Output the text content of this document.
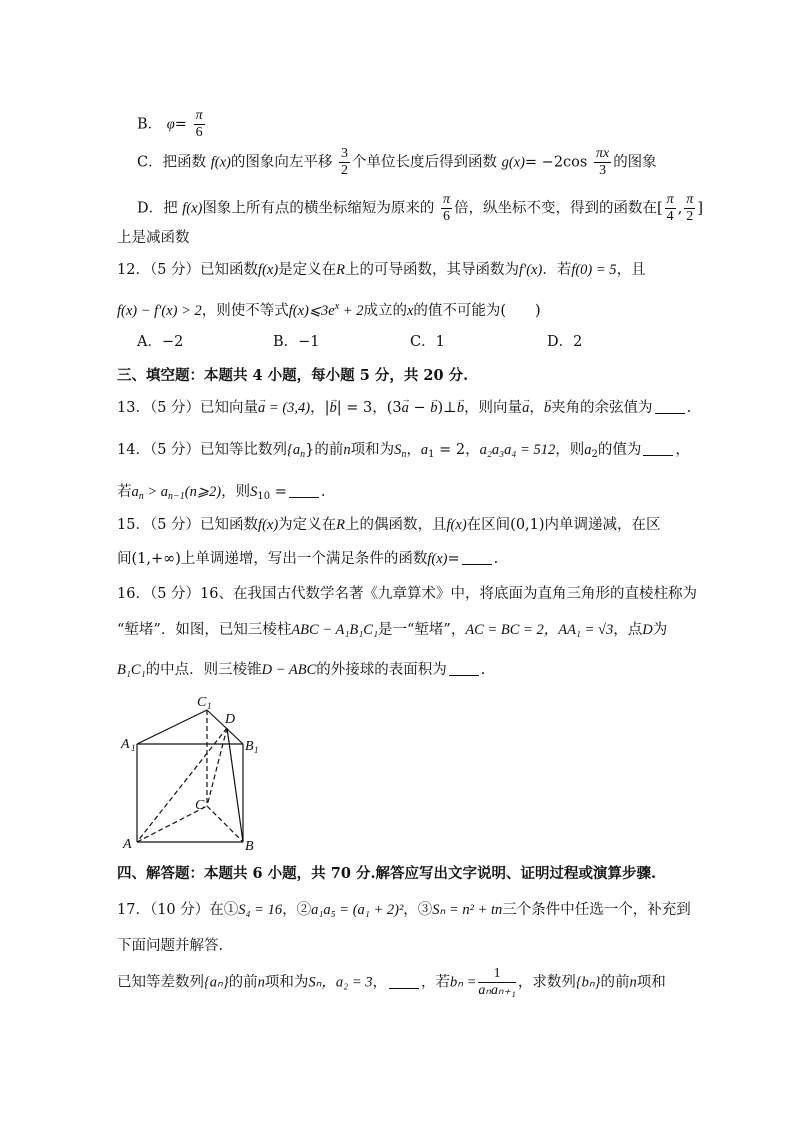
B． $\varphi= \frac{\pi}{6}$
C．把函数 f(x)的图象向左平移 $\frac{3}{2}$ 个单位长度后得到函数 $g(x)= -2\cos \frac{\pi x}{3}$ 的图象
D．把 f(x)图象上所有点的横坐标缩短为原来的 $\frac{\pi}{6}$ 倍，纵坐标不变，得到的函数在[ $\frac{\pi}{4}$ , $\frac{\pi}{2}$ ]
上是减函数
12．（5 分）已知函数f(x)是定义在R上的可导函数，其导函数为f′(x)．若f(0) = 5，且
f(x) − f′(x) > 2，则使不等式$f(x)⩽3e^x + 2$成立的x的值不可能为(　　)
A．−2	B．−1	C．1	D．2
三、填空题：本题共 4 小题，每小题 5 分，共 20 分.
13．（5 分）已知向量→ a = (3,4)，|→ b| = 3，(3→ a − → b)⊥→ b，则向量→ a，→ b夹角的余弦值为 .
14．（5 分）已知等比数列$\{a_n\}$的前n项和为$S_n$，$a_1 = 2$，a₂a₃a₄ = 512，则$a_2$的值为 ，
若$a_n$ > $a_{n-1}(n⩾2)$，则$S_{10}$ = .
15．（5 分）已知函数f(x)为定义在R上的偶函数，且f(x)在区间(0,1)内单调递减，在区
间(1,+∞)上单调递增，写出一个满足条件的函数f(x)= .
16．（5 分）16、在我国古代数学名著《九章算术》中，将底面为直角三角形的直棱柱称为
“堑堵”．如图，已知三棱柱ABC − A₁B₁C₁是一“堑堵”，AC = BC = 2，AA₁ = √3，点D为
B₁C₁的中点．则三棱锥D − ABC的外接球的表面积为 .
C 1
D
A 1	B 1
C
A	B
四、解答题：本题共 6 小题，共 70 分.解答应写出文字说明、证明过程或演算步骤.
17．（10 分）在①S₄ = 16，②a₁a₅ = (a₁ + 2)²，③Sₙ = n² + tn三个条件中任选一个，补充到
下面问题并解答.
已知等差数列{aₙ}的前n项和为Sₙ，a₂ = 3， ，若$b_n = \frac{1}{\text{aₙaₙ₊₁}}$ ，求数列{bₙ}的前n项和
